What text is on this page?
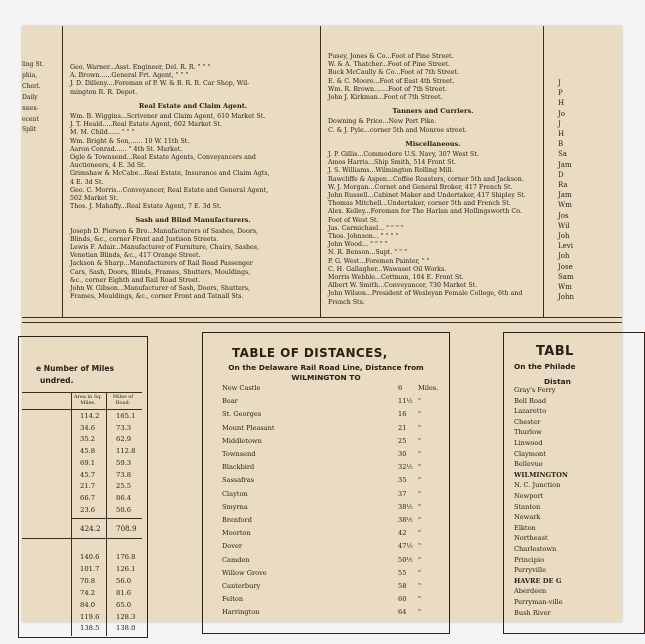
ling St.
phia,
Cherl.
Daily
nnex-
ecent
Split
Geo. Warner...Asst. Engineer, Del. R. R. " " "
A. Brown......General Frt. Agent, " " "
J. D. Dilleny....Foreman of P. W. & B. R. R. Car Shop, Wil-
mington R. R. Depot.
Real Estate and Claim Agent.
Wm. B. Wiggins...Scrivener and Claim Agent, 610 Market St.
J. T. Heald.....Real Estate Agent, 602 Market St.
M. M. Child...... " " "
Wm. Bright & Son,...... 10 W. 11th St.
Aaron Conrad...... " 4th St. Market.
Ogle & Townsend...Real Estate Agents, Conveyancers and
Auctioneers, 4 E. 3d St.
Grimshaw & McCabe...Real Estate, Insurance and Claim Agts,
4 E. 3d St.
Geo. C. Morris...Conveyancer, Real Estate and General Agent,
502 Market St.
Thos. J. Mahaffy...Real Estate Agent, 7 E. 3d St.
Sash and Blind Manufacturers.
Joseph D. Pierson & Bro...Manufacturers of Sashes, Doors,
Blinds, &c., corner Front and Justison Streets.
Lewis F. Adair...Manufacturer of Furniture, Chairs, Sashes,
Venetian Blinds, &c., 417 Orange Street.
Jackson & Sharp...Manufacturers of Rail Road Passenger
Cars, Sash, Doors, Blinds, Frames, Shutters, Mouldings,
&c., corner Eighth and Rail Road Street.
John W. Gibson...Manufacturer of Sash, Doors, Shutters,
Frames, Mouldings, &c., corner Front and Tatnall Sts.
Pusey, Jones & Co...Foot of Pine Street.
W. & A. Thatcher...Foot of Pine Street.
Buck McCaully & Co...Foot of 7th Street.
E. & C. Moore...Foot of East 4th Street.
Wm. R. Brown.......Foot of 7th Street.
John J. Kirkman...Foot of 7th Street.
Tanners and Curriers.
Downing & Price...New Port Pike.
C. & J. Pyle...corner 5th and Monroe street.
Miscellaneous.
J. P. Gillis...Commodore U.S. Navy, 307 West St.
Amos Harris...Ship Smith, 514 Front St.
J. S. Williams...Wilmington Rolling Mill.
Rawcliffe & Aspen...Coffee Roasters, corner 5th and Jackson.
W. J. Morgan...Cornet and General Broker, 417 French St.
John Russell...Cabinet Maker and Undertaker, 417 Shipley St.
Thomas Mitchell...Undertaker, corner 5th and French St.
Alex. Kelley...Foreman for The Harlan and Hollingsworth Co.
Foot of West St.
Jas. Carmichael... " " " "
Thos. Johnson... " " " "
John Wood... " " " "
N. R. Benson...Supt. " " "
P. G. West...Foremen Painter, " "
C. H. Gallagher...Wawaset Oil Works.
Morris Webble...Cottman, 104 E. Front St.
Albert W. Smith...Conveyancer, 730 Market St.
John Wilson...President of Wesleyan Female College, 6th and
French Sts.
J
P
H
Jo
J
H
B
Sa
Jam
D
Ra
Jam
Wm
Jos
Wil
Joh
Levi
Joh
Jose
Sam
Wm
John
e Number of Miles
undred.
Area in Sq. Miles.
Miles of Road.
TABLE OF DISTANCES,
On the Delaware Rail Road Line, Distance from
WILMINGTON TO
New Castle	6 Miles.
Bear	11½ "
St. Georges	16 "
Mount Pleasant	21 "
Middletown	25 "
Townsend	30 "
Blackbird	32½ "
Sassafras	35 "
Clayton	37 "
Smyrna	38½ "
Brenford	38½ "
Moorton	42 "
Dover	47½ "
Camden	50½ "
Willow Grove	55 "
Canterbury	58 "
Felton	60 "
Harrington	64 "
TABL
On the Philade
Distan
Gray's Ferry
Bell Road
Lazaretto
Chester
Thurlow
Linwood
Claymont
Bellevue
WILMINGTON
N. C. Junction
Newport
Stanton
Newark
Elkton
Northeast
Charlestown
Principio
Perryville
HAVRE DE G
Aberdeen
Perryman-ville
Bush River
114.2 165.1
34.6	73.3
35.2	62.9
45.8	112.8
69.1	59.3
45.7	73.8
21.7	25.5
66.7	86.4
23.6	50.6
424.2 708.9
140.6 176.8
101.7 126.1
70.8	56.0
74.2	81.6
84.0	65.0
119.6 128.3
138.5 138.0
